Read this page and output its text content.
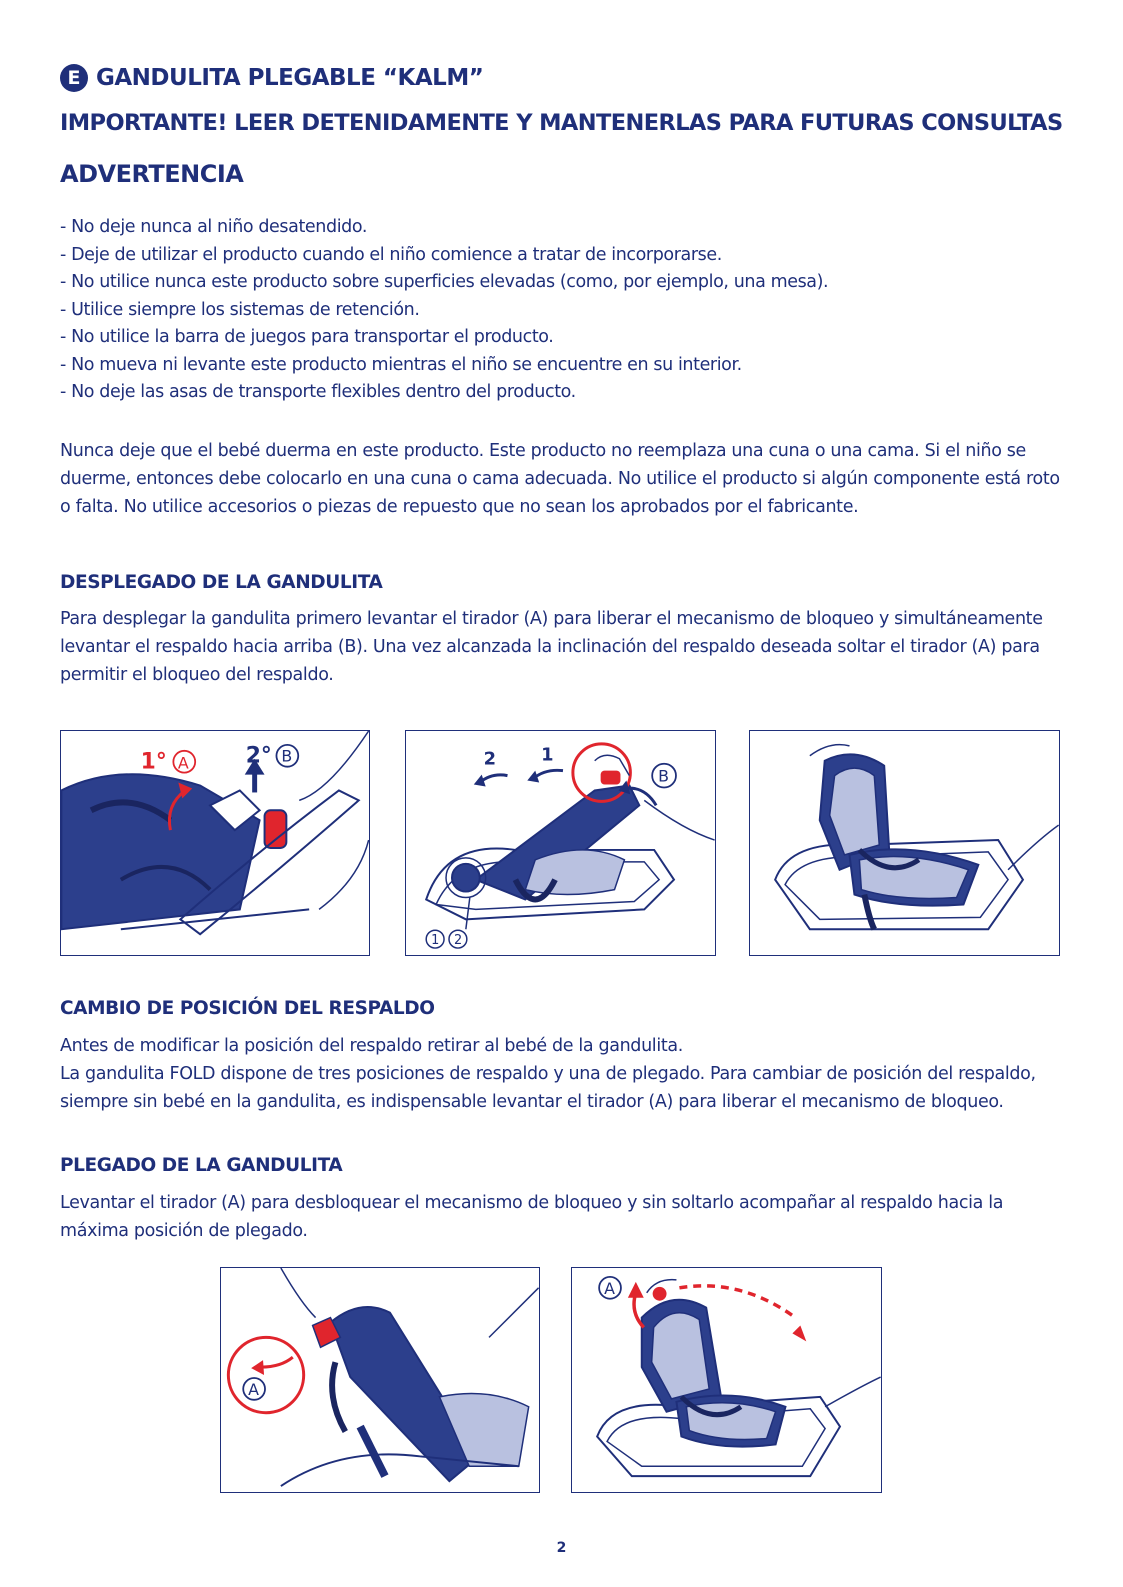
E GANDULITA PLEGABLE “KALM”
IMPORTANTE! LEER DETENIDAMENTE Y MANTENERLAS PARA FUTURAS CONSULTAS
ADVERTENCIA
- No deje nunca al niño desatendido.
- Deje de utilizar el producto cuando el niño comience a tratar de incorporarse.
- No utilice nunca este producto sobre superficies elevadas (como, por ejemplo, una mesa).
- Utilice siempre los sistemas de retención.
- No utilice la barra de juegos para transportar el producto.
- No mueva ni levante este producto mientras el niño se encuentre en su interior.
- No deje las asas de transporte flexibles dentro del producto.

Nunca deje que el bebé duerma en este producto. Este producto no reemplaza una cuna o una cama. Si el niño se duerme, entonces debe colocarlo en una cuna o cama adecuada. No utilice el producto si algún componente está roto o falta. No utilice accesorios o piezas de repuesto que no sean los aprobados por el fabricante.

DESPLEGADO DE LA GANDULITA

Para desplegar la gandulita primero levantar el tirador (A) para liberar el mecanismo de bloqueo y simultáneamente levantar el respaldo hacia arriba (B). Una vez alcanzada la inclinación del respaldo deseada soltar el tirador (A) para permitir el bloqueo del respaldo.

1° A	2° B	2	1
B
1 2
CAMBIO DE POSICIÓN DEL RESPALDO

Antes de modificar la posición del respaldo retirar al bebé de la gandulita.
La gandulita FOLD dispone de tres posiciones de respaldo y una de plegado. Para cambiar de posición del respaldo, siempre sin bebé en la gandulita, es indispensable levantar el tirador (A) para liberar el mecanismo de bloqueo.

PLEGADO DE LA GANDULITA

Levantar el tirador (A) para desbloquear el mecanismo de bloqueo y sin soltarlo acompañar al respaldo hacia la máxima posición de plegado.

A
A
2
